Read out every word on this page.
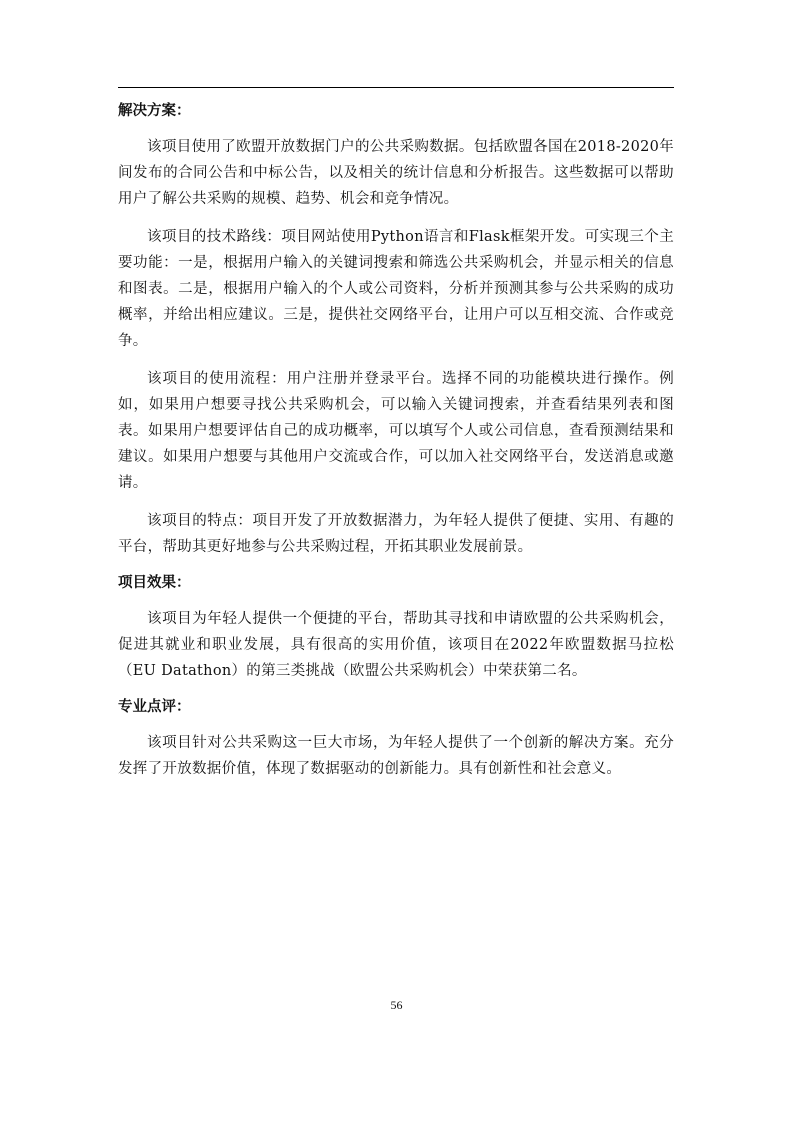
解决方案：

该项目使用了欧盟开放数据门户的公共采购数据。包括欧盟各国在2018-2020年间发布的合同公告和中标公告，以及相关的统计信息和分析报告。这些数据可以帮助用户了解公共采购的规模、趋势、机会和竞争情况。

该项目的技术路线：项目网站使用Python语言和Flask框架开发。可实现三个主要功能：一是，根据用户输入的关键词搜索和筛选公共采购机会，并显示相关的信息和图表。二是，根据用户输入的个人或公司资料，分析并预测其参与公共采购的成功概率，并给出相应建议。三是，提供社交网络平台，让用户可以互相交流、合作或竞争。

该项目的使用流程：用户注册并登录平台。选择不同的功能模块进行操作。例如，如果用户想要寻找公共采购机会，可以输入关键词搜索，并查看结果列表和图表。如果用户想要评估自己的成功概率，可以填写个人或公司信息，查看预测结果和建议。如果用户想要与其他用户交流或合作，可以加入社交网络平台，发送消息或邀请。

该项目的特点：项目开发了开放数据潜力，为年轻人提供了便捷、实用、有趣的平台，帮助其更好地参与公共采购过程，开拓其职业发展前景。

项目效果：

该项目为年轻人提供一个便捷的平台，帮助其寻找和申请欧盟的公共采购机会，促进其就业和职业发展，具有很高的实用价值，该项目在2022年欧盟数据马拉松（EU Datathon）的第三类挑战（欧盟公共采购机会）中荣获第二名。

专业点评：

该项目针对公共采购这一巨大市场，为年轻人提供了一个创新的解决方案。充分发挥了开放数据价值，体现了数据驱动的创新能力。具有创新性和社会意义。

56
